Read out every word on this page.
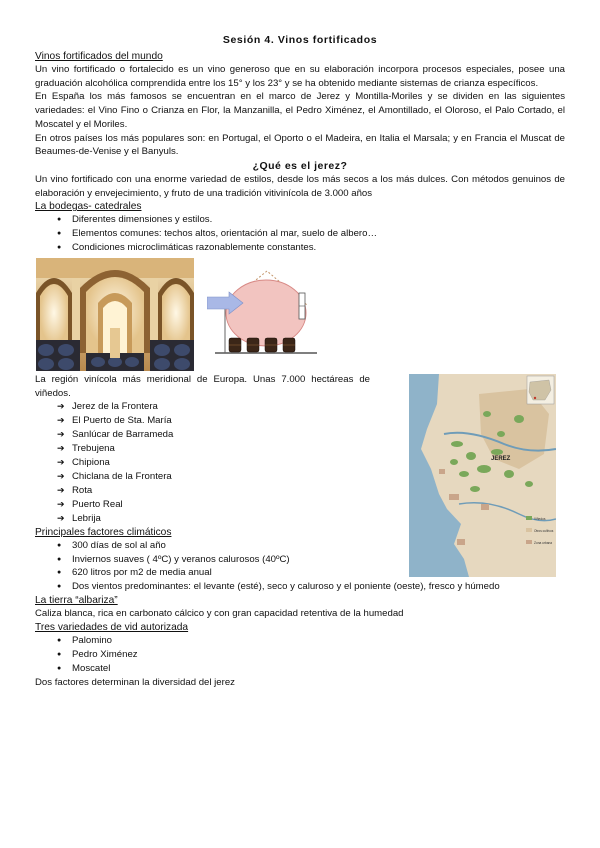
Sesión 4. Vinos fortificados
Vinos fortificados del mundo

Un vino fortificado o fortalecido es un vino generoso que en su elaboración incorpora procesos especiales, posee una graduación alcohólica comprendida entre los 15° y los 23° y se ha obtenido mediante sistemas de crianza específicos.

En España los más famosos se encuentran en el marco de Jerez y Montilla-Moriles y se dividen en las siguientes variedades: el Vino Fino o Crianza en Flor, la Manzanilla, el Pedro Ximénez, el Amontillado, el Oloroso, el Palo Cortado, el Moscatel y el Moriles.

En otros países los más populares son: en Portugal, el Oporto o el Madeira, en Italia el Marsala; y en Francia el Muscat de Beaumes-de-Venise y el Banyuls.

¿Qué es el jerez?

Un vino fortificado con una enorme variedad de estilos, desde los más secos a los más dulces. Con métodos genuinos de elaboración y envejecimiento, y fruto de una tradición vitivinícola de 3.000 años

La bodegas- catedrales
● Diferentes dimensiones y estilos.
● Elementos comunes: techos altos, orientación al mar, suelo de albero…
● Condiciones microclimáticas razonablemente constantes.

La región vinícola más meridional de Europa. Unas 7.000 hectáreas de viñedos.

➔ Jerez de la Frontera
➔ El Puerto de Sta. María
➔ Sanlúcar de Barrameda
➔ Trebujena
➔ Chipiona
➔ Chiclana de la Frontera
➔ Rota
➔ Puerto Real
➔ Lebrija
Principales factores climáticos
● 300 días de sol al año
● Inviernos suaves ( 4ºC) y veranos calurosos (40ºC)
● 620 litros por m2 de media anual
● Dos vientos predominantes: el levante (esté), seco y caluroso y el poniente (oeste), fresco y húmedo
La tierra “albariza”

Caliza blanca, rica en carbonato cálcico y con gran capacidad retentiva de la humedad

Tres variedades de vid autorizada
● Palomino
● Pedro Ximénez
● Moscatel

Dos factores determinan la diversidad del jerez

JEREZ
Viñedos
Otros cultivos
Zona urbana
